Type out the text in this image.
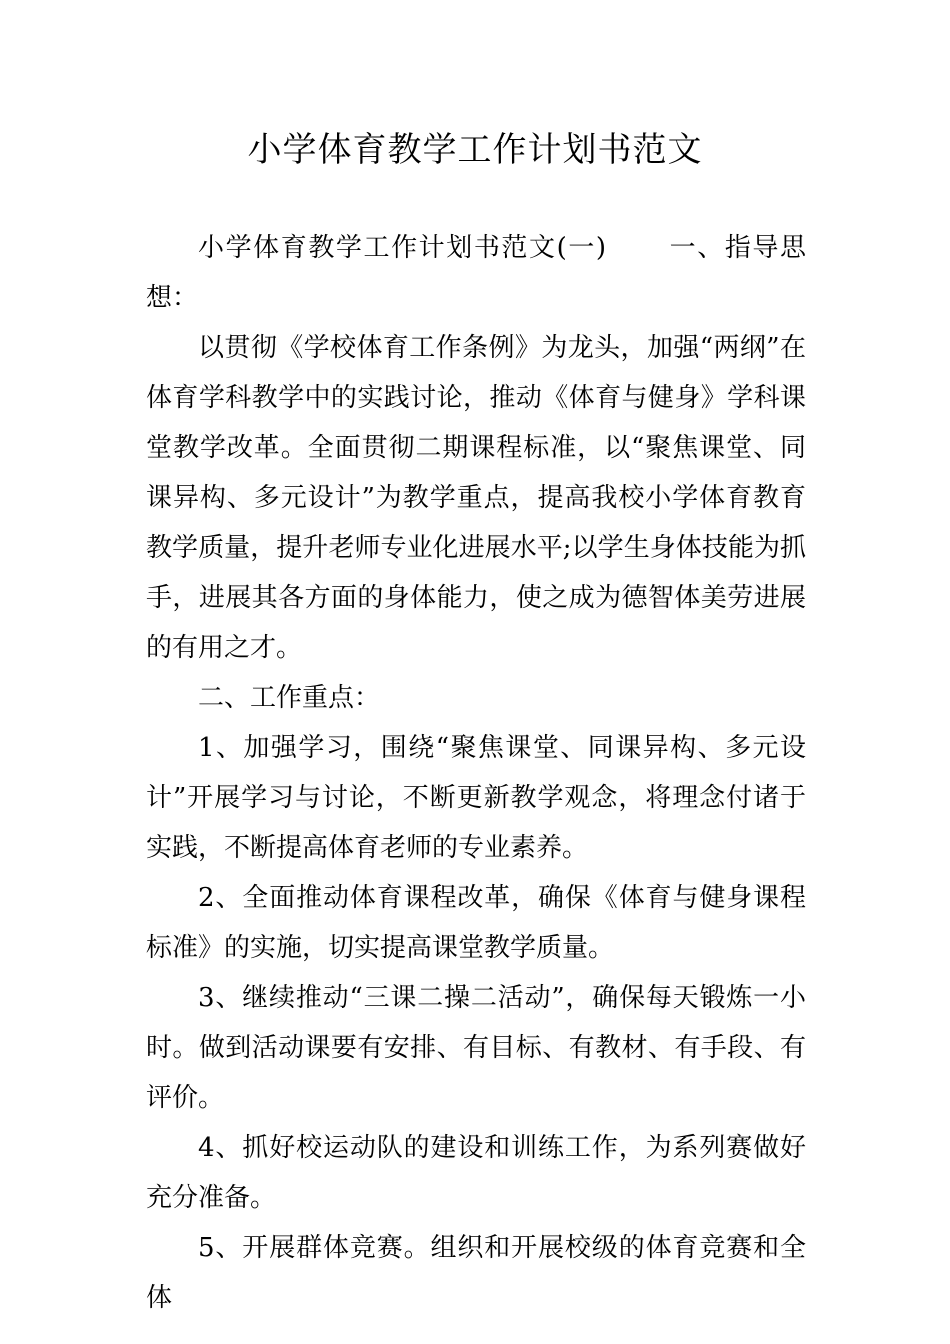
小学体育教学工作计划书范文

小学体育教学工作计划书范文(一) 一、指导思想：

以贯彻《学校体育工作条例》为龙头，加强“两纲”在体育学科教学中的实践讨论，推动《体育与健身》学科课堂教学改革。全面贯彻二期课程标准，以“聚焦课堂、同课异构、多元设计”为教学重点，提高我校小学体育教育教学质量，提升老师专业化进展水平;以学生身体技能为抓手，进展其各方面的身体能力，使之成为德智体美劳进展的有用之才。

二、工作重点：

1、加强学习，围绕“聚焦课堂、同课异构、多元设计”开展学习与讨论，不断更新教学观念，将理念付诸于实践，不断提高体育老师的专业素养。

2、全面推动体育课程改革，确保《体育与健身课程标准》的实施，切实提高课堂教学质量。

3、继续推动“三课二操二活动”，确保每天锻炼一小时。做到活动课要有安排、有目标、有教材、有手段、有评价。

4、抓好校运动队的建设和训练工作，为系列赛做好充分准备。

5、开展群体竞赛。组织和开展校级的体育竞赛和全体
